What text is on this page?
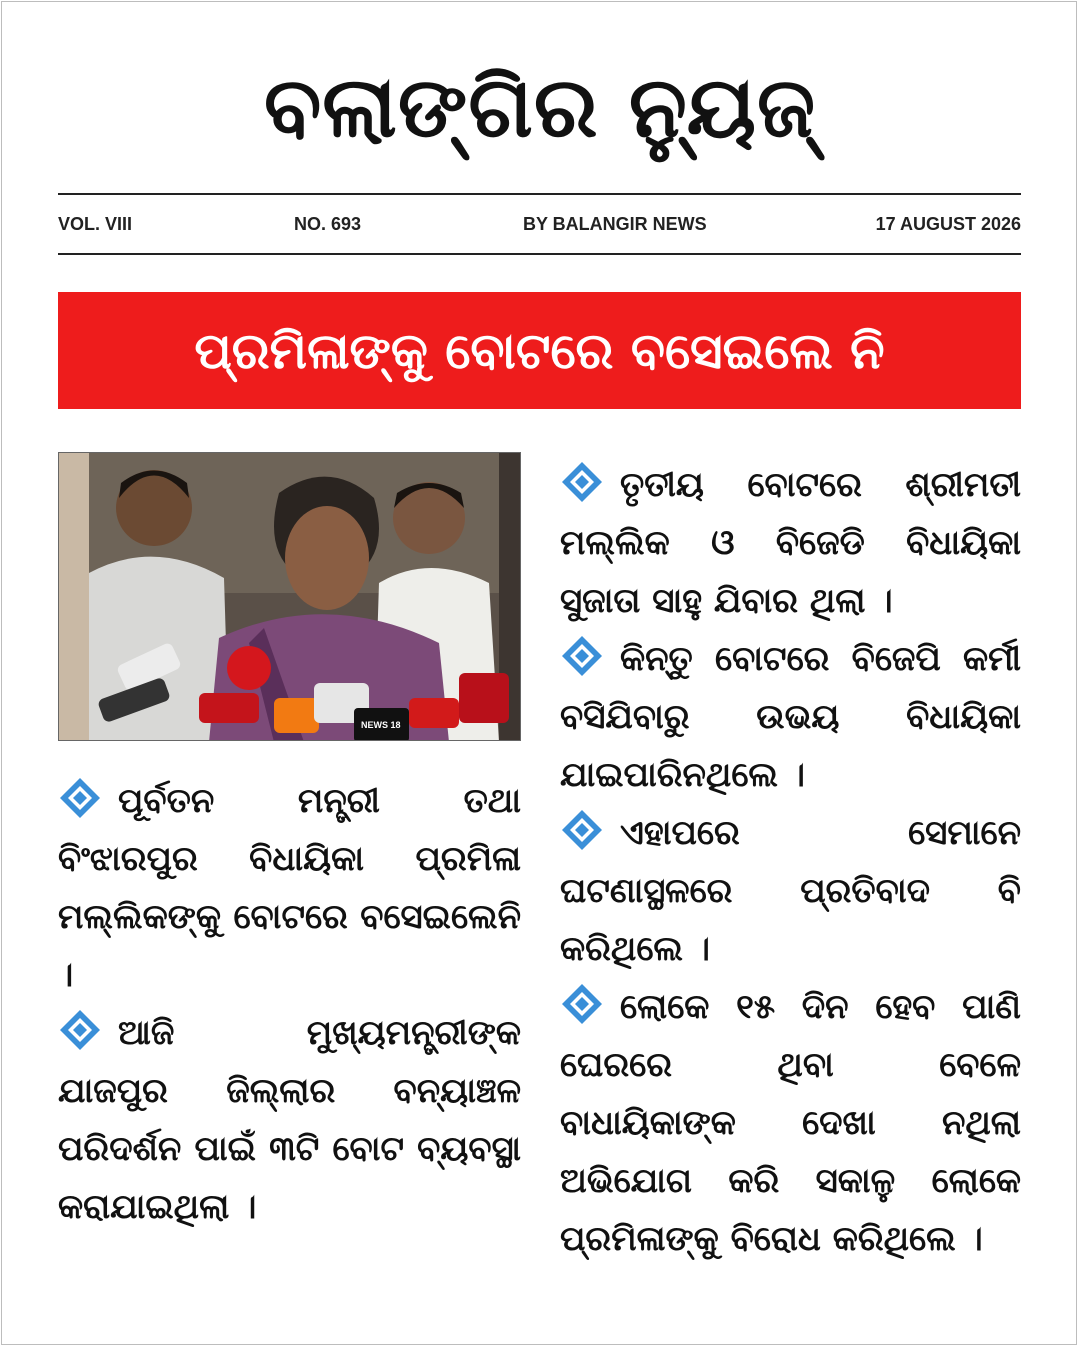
ବଲାଙ୍ଗିର ନ୍ୟୁଜ୍
VOL. VIII	NO. 693	BY BALANGIR NEWS	17 AUGUST 2026
ପ୍ରମିଳାଙ୍କୁ ବୋଟରେ ବସେଇଲେ ନି
NEWS 18

ପୂର୍ବତନ ମନ୍ତ୍ରୀ ତଥା ବିଂଝାରପୁର ବିଧାୟିକା ପ୍ରମିଳା ମଲ୍ଲିକଙ୍କୁ ବୋଟରେ ବସେଇଲେନି ।

ଆଜି ମୁଖ୍ୟମନ୍ତ୍ରୀଙ୍କ ଯାଜପୁର ଜିଲ୍ଲାର ବନ୍ୟାଞ୍ଚଳ ପରିଦର୍ଶନ ପାଇଁ ୩ଟି ବୋଟ ବ୍ୟବସ୍ଥା କରାଯାଇଥିଲା ।

ତୃତୀୟ ବୋଟରେ ଶ୍ରୀମତୀ ମଲ୍ଲିକ ଓ ବିଜେଡି ବିଧାୟିକା ସୁଜାତା ସାହୁ ଯିବାର ଥିଲା ।

କିନ୍ତୁ ବୋଟରେ ବିଜେପି କର୍ମୀ ବସିଯିବାରୁ ଉଭୟ ବିଧାୟିକା ଯାଇପାରିନଥିଲେ ।

ଏହାପରେ ସେମାନେ ଘଟଣାସ୍ଥଳରେ ପ୍ରତିବାଦ ବି କରିଥିଲେ ।

ଲୋକେ ୧୫ ଦିନ ହେବ ପାଣି ଘେରରେ ଥିବା ବେଳେ ବାଧାୟିକାଙ୍କ ଦେଖା ନଥିଲା ଅଭିଯୋଗ କରି ସକାଳୁ ଲୋକେ ପ୍ରମିଳାଙ୍କୁ ବିରୋଧ କରିଥିଲେ ।
